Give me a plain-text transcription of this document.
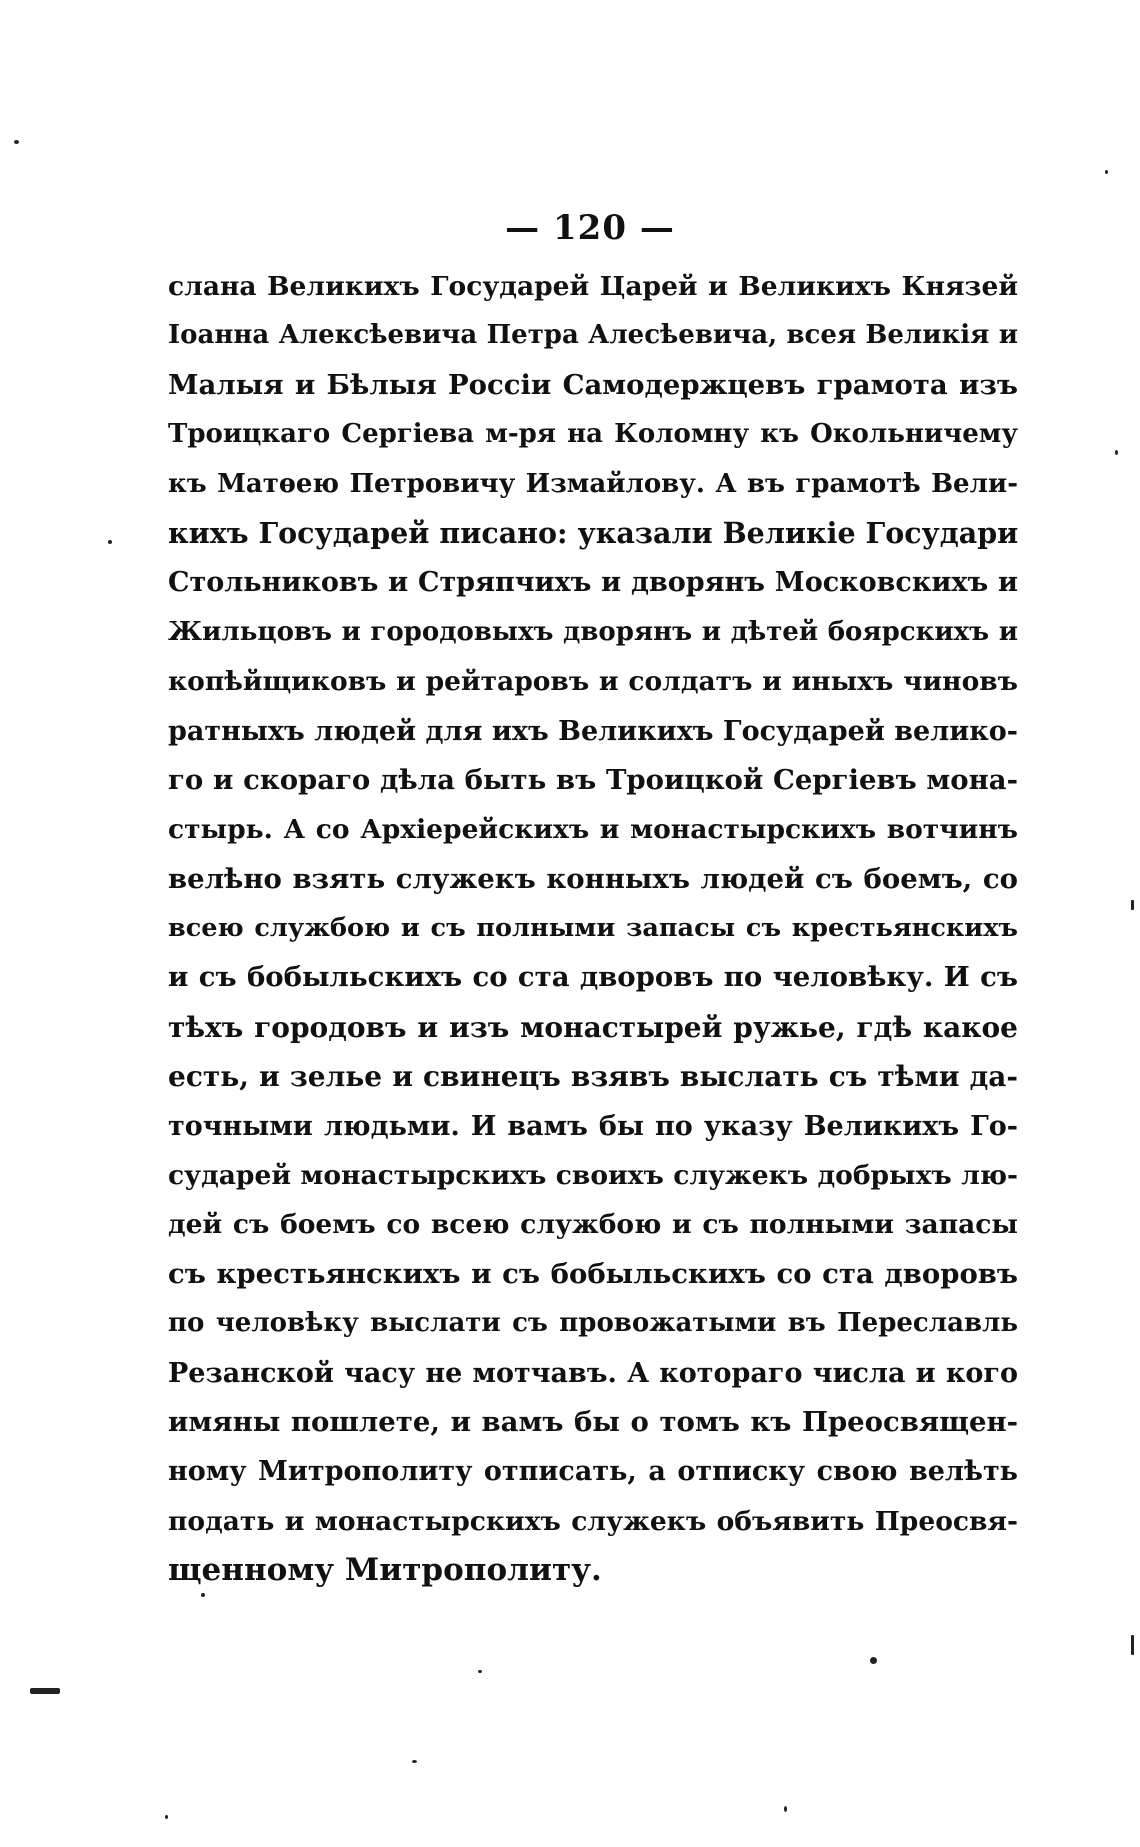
— 120 —
слана Великихъ Государей Царей и Великихъ Князей
Іоанна Алексѣевича Петра Алесѣевича, всея Великія и
Малыя и Бѣлыя Россіи Самодержцевъ грамота изъ
Троицкаго Сергіева м-ря на Коломну къ Окольничему
къ Матѳею Петровичу Измайлову. А въ грамотѣ Вели-
кихъ Государей писано: указали Великіе Государи
Стольниковъ и Стряпчихъ и дворянъ Московскихъ и
Жильцовъ и городовыхъ дворянъ и дѣтей боярскихъ и
копѣйщиковъ и рейтаровъ и солдатъ и иныхъ чиновъ
ратныхъ людей для ихъ Великихъ Государей велико-
го и скораго дѣла быть въ Троицкой Сергіевъ мона-
стырь. А со Архіерейскихъ и монастырскихъ вотчинъ
велѣно взять служекъ конныхъ людей съ боемъ, со
всею службою и съ полными запасы съ крестьянскихъ
и съ бобыльскихъ со ста дворовъ по человѣку. И съ
тѣхъ городовъ и изъ монастырей ружье, гдѣ какое
есть, и зелье и свинецъ взявъ выслать съ тѣми да-
точными людьми. И вамъ бы по указу Великихъ Го-
сударей монастырскихъ своихъ служекъ добрыхъ лю-
дей съ боемъ со всею службою и съ полными запасы
съ крестьянскихъ и съ бобыльскихъ со ста дворовъ
по человѣку выслати съ провожатыми въ Переславль
Резанской часу не мотчавъ. А котораго числа и кого
имяны пошлете, и вамъ бы о томъ къ Преосвящен-
ному Митрополиту отписать, а отписку свою велѣть
подать и монастырскихъ служекъ объявить Преосвя-
щенному Митрополиту.
